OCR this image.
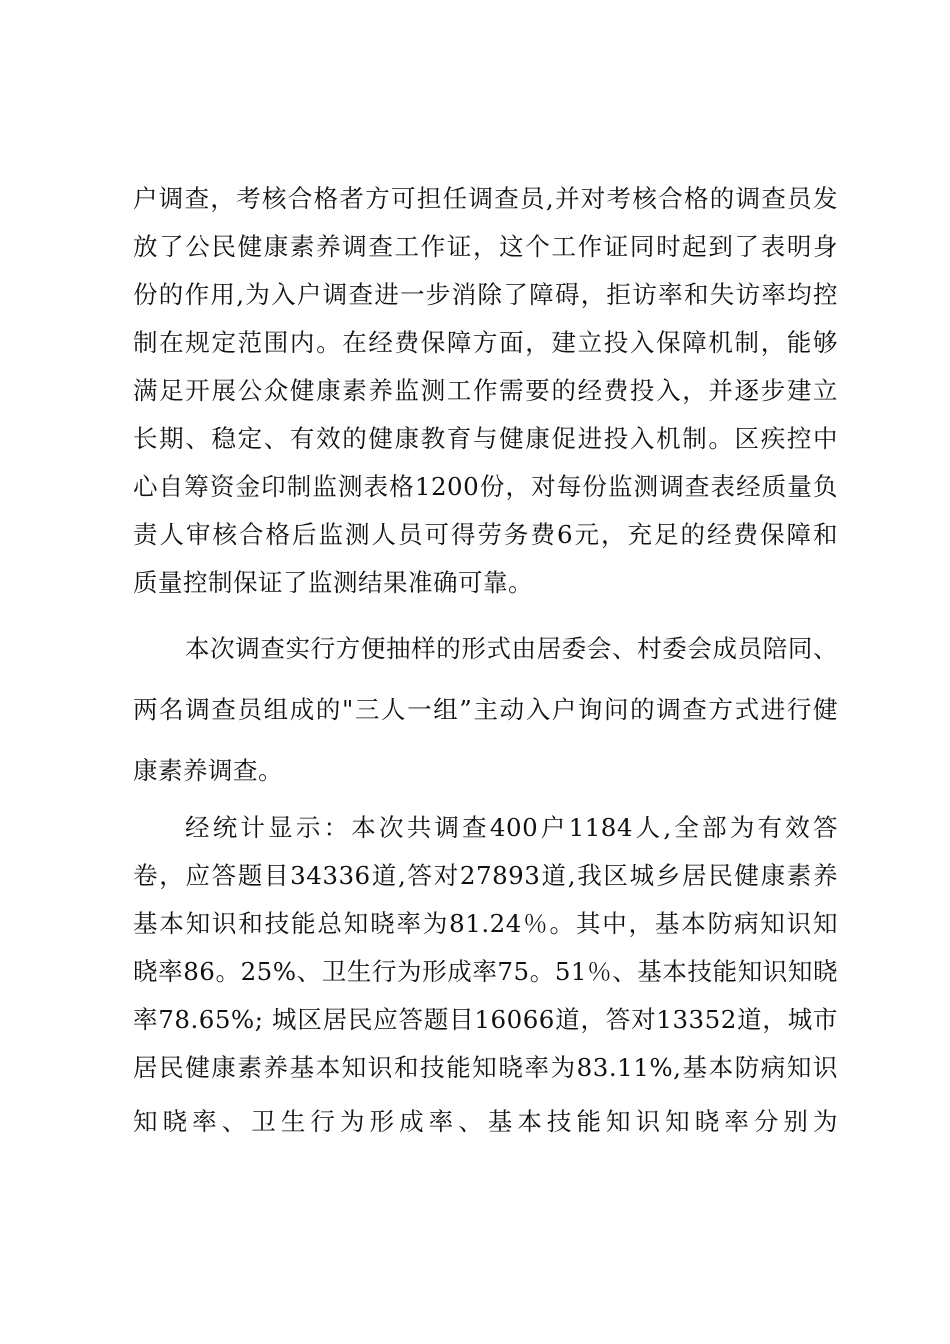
户调查，考核合格者方可担任调查员,并对考核合格的调查员发
放了公民健康素养调查工作证，这个工作证同时起到了表明身
份的作用,为入户调查进一步消除了障碍，拒访率和失访率均控
制在规定范围内。在经费保障方面，建立投入保障机制，能够
满足开展公众健康素养监测工作需要的经费投入，并逐步建立
长期、稳定、有效的健康教育与健康促进投入机制。区疾控中
心自筹资金印制监测表格1200份，对每份监测调查表经质量负
责人审核合格后监测人员可得劳务费6元，充足的经费保障和
质量控制保证了监测结果准确可靠。
本次调查实行方便抽样的形式由居委会、村委会成员陪同、
两名调查员组成的"三人一组”主动入户询问的调查方式进行健
康素养调查。
经统计显示：本次共调查400户1184人,全部为有效答
卷，应答题目34336道,答对27893道,我区城乡居民健康素养
基本知识和技能总知晓率为81.24％。其中，基本防病知识知
晓率86。25%、卫生行为形成率75。51％、基本技能知识知晓
率78.65%; 城区居民应答题目16066道，答对13352道，城市
居民健康素养基本知识和技能知晓率为83.11%,基本防病知识
知晓率、卫生行为形成率、基本技能知识知晓率分别为
